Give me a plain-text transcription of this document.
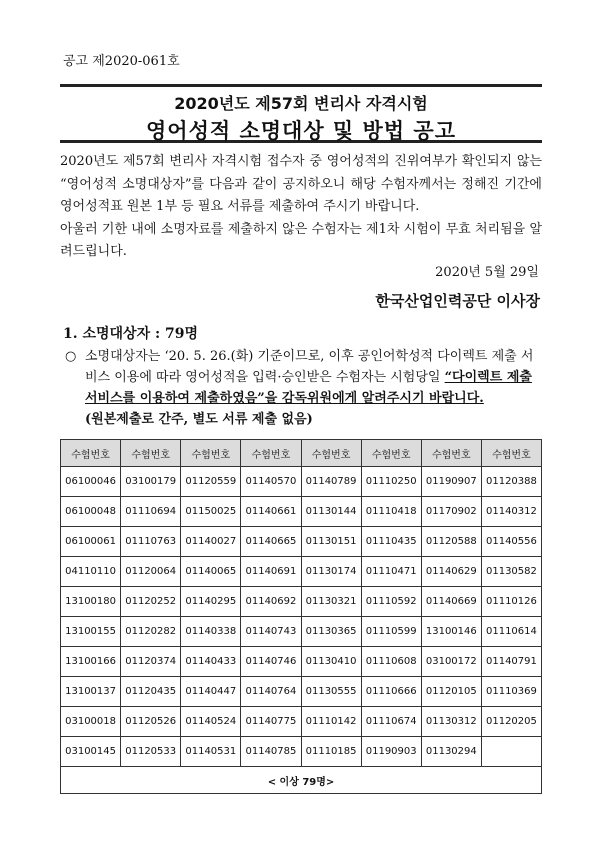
공고 제2020-061호
2020년도 제57회 변리사 자격시험
영어성적 소명대상 및 방법 공고

2020년도 제57회 변리사 자격시험 접수자 중 영어성적의 진위여부가 확인되지 않는 “영어성적 소명대상자”를 다음과 같이 공지하오니 해당 수험자께서는 정해진 기간에 영어성적표 원본 1부 등 필요 서류를 제출하여 주시기 바랍니다.

아울러 기한 내에 소명자료를 제출하지 않은 수험자는 제1차 시험이 무효 처리됨을 알려드립니다.

2020년 5월 29일
한국산업인력공단 이사장
1. 소명대상자 : 79명
○ 소명대상자는 ‘20. 5. 26.(화) 기준이므로, 이후 공인어학성적 다이렉트 제출 서비스 이용에 따라 영어성적을 입력·승인받은 수험자는 시험당일 “다이렉트 제출 서비스를 이용하여 제출하였음”을 감독위원에게 알려주시기 바랍니다.
(원본제출로 간주, 별도 서류 제출 없음)
수험번호	수험번호	수험번호	수험번호	수험번호	수험번호	수험번호	수험번호
06100046	03100179	01120559	01140570	01140789	01110250	01190907	01120388
06100048	01110694	01150025	01140661	01130144	01110418	01170902	01140312
06100061	01110763	01140027	01140665	01130151	01110435	01120588	01140556
04110110	01120064	01140065	01140691	01130174	01110471	01140629	01130582
13100180	01120252	01140295	01140692	01130321	01110592	01140669	01110126
13100155	01120282	01140338	01140743	01130365	01110599	13100146	01110614
13100166	01120374	01140433	01140746	01130410	01110608	03100172	01140791
13100137	01120435	01140447	01140764	01130555	01110666	01120105	01110369
03100018	01120526	01140524	01140775	01110142	01110674	01130312	01120205
03100145	01120533	01140531	01140785	01110185	01190903	01130294	
< 이상 79명>							
